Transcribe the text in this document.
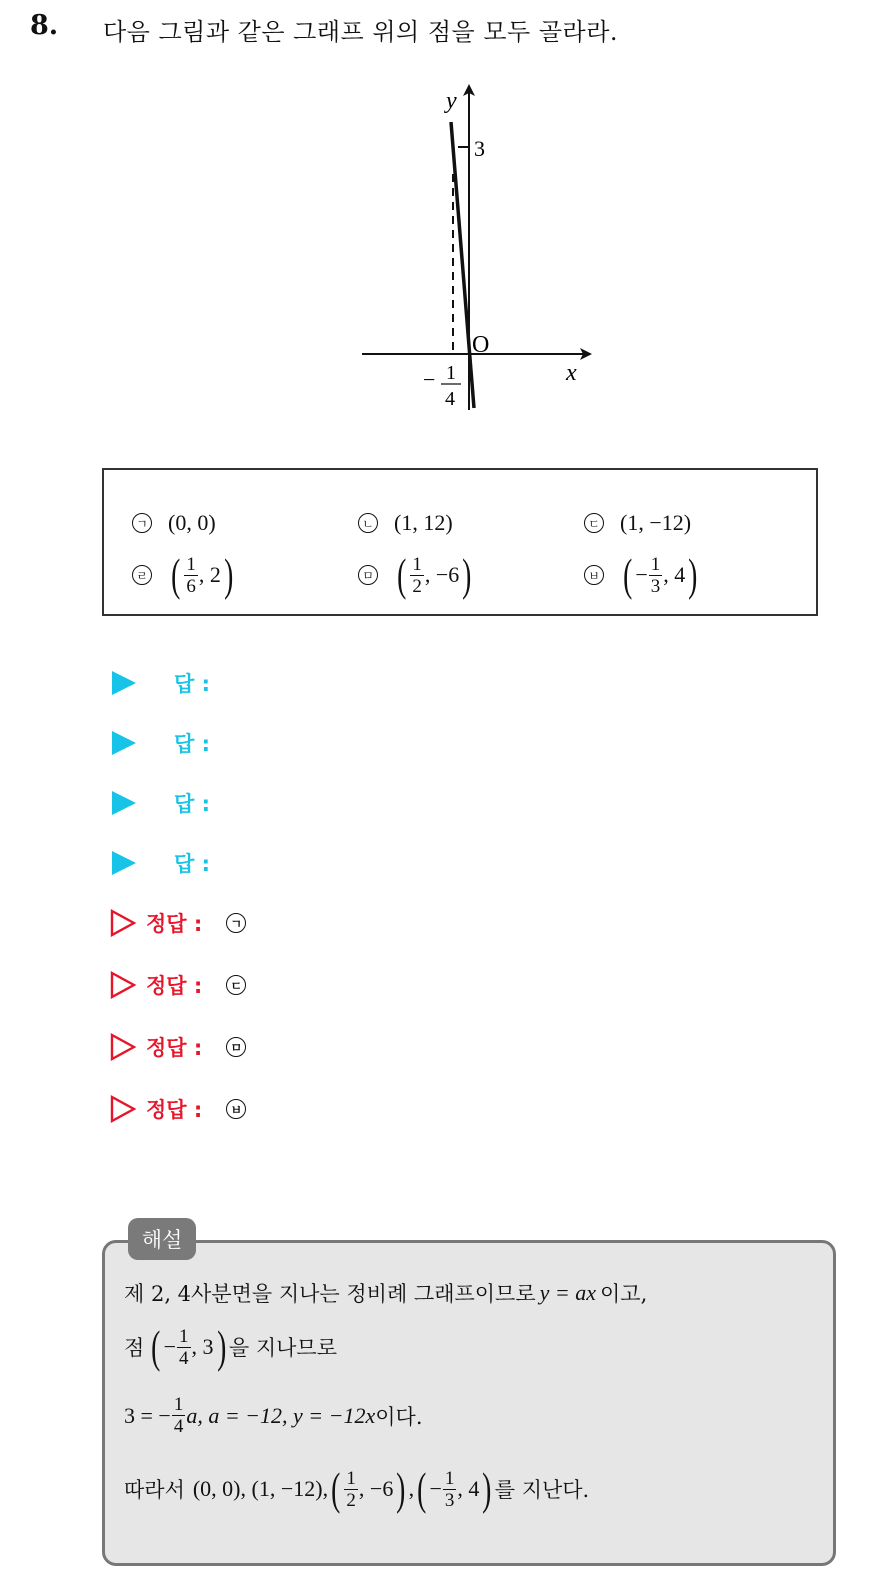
8. 다음 그림과 같은 그래프 위의 점을 모두 골라라.
y
x
O
3
− 1
4
ㄱ (0, 0)	ㄴ (1, 12)	ㄷ (1, −12)
ㄹ ( $\frac{1}{6}$ , 2 )	ㅁ ( $\frac{1}{2}$ , −6 )	ㅂ ( − $\frac{1}{3}$ , 4 )
답 :
답 :
답 :
답 :
정답 :	ㄱ
정답 :	ㄷ
정답 :	ㅁ
정답 :	ㅂ
해설
제 2, 4사분면을 지나는 정비례 그래프이므로 y = ax 이고,
점 ( − $\frac{1}{4}$ , 3 ) 을 지나므로
3 = − $\frac{1}{4} a$, a = −12, y = −12x 이다.
따라서 (0, 0), (1, −12), ( $\frac{1}{2}$ , −6 ) , ( − $\frac{1}{3}$ , 4 ) 를 지난다.
